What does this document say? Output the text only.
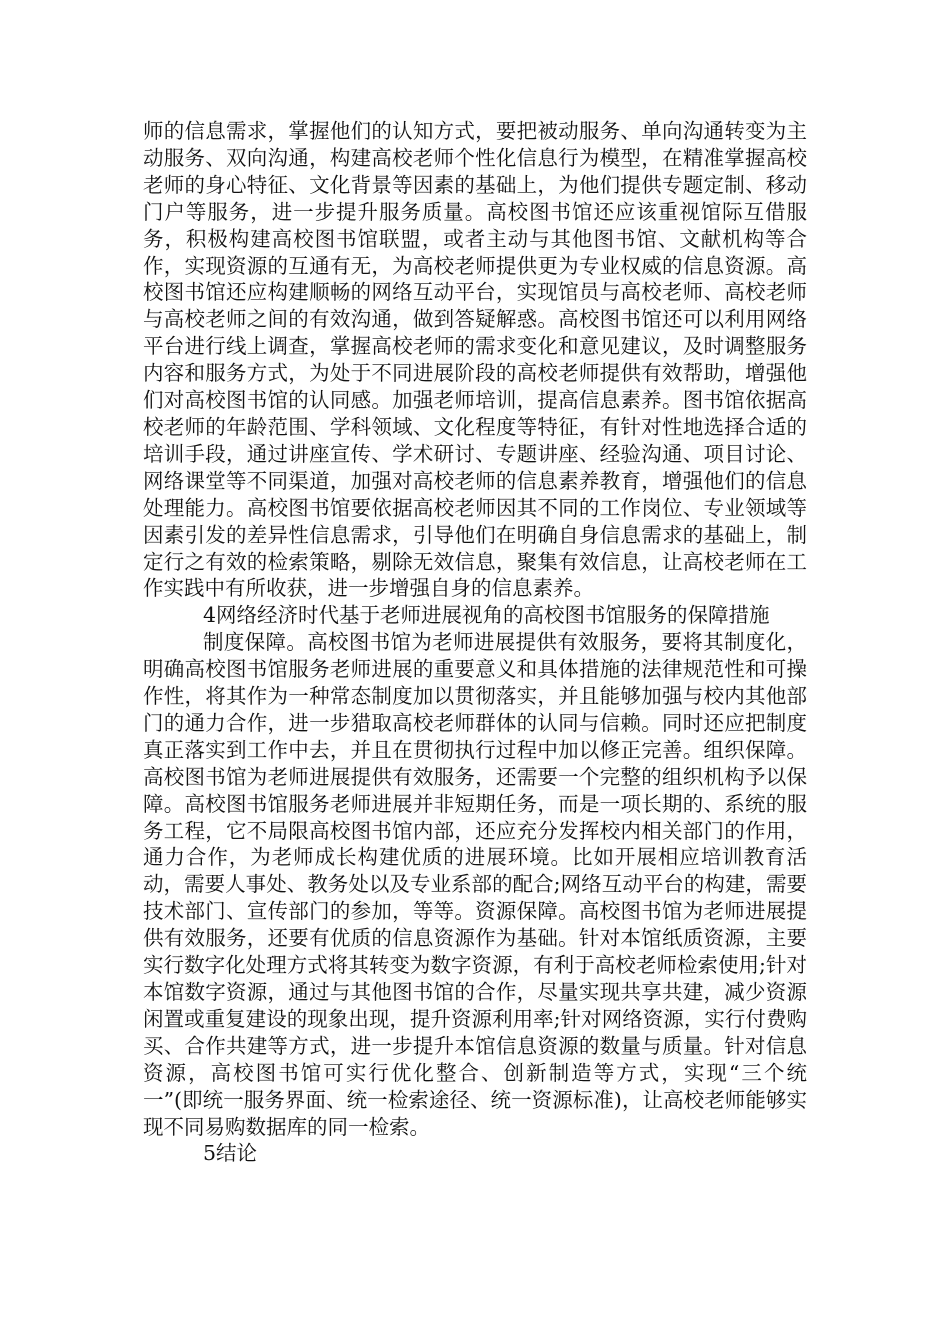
师的信息需求，掌握他们的认知方式，要把被动服务、单向沟通转变为主动服务、双向沟通，构建高校老师个性化信息行为模型，在精准掌握高校老师的身心特征、文化背景等因素的基础上，为他们提供专题定制、移动门户等服务，进一步提升服务质量。高校图书馆还应该重视馆际互借服务，积极构建高校图书馆联盟，或者主动与其他图书馆、文献机构等合作，实现资源的互通有无，为高校老师提供更为专业权威的信息资源。高校图书馆还应构建顺畅的网络互动平台，实现馆员与高校老师、高校老师与高校老师之间的有效沟通，做到答疑解惑。高校图书馆还可以利用网络平台进行线上调查，掌握高校老师的需求变化和意见建议，及时调整服务内容和服务方式，为处于不同进展阶段的高校老师提供有效帮助，增强他们对高校图书馆的认同感。加强老师培训，提高信息素养。图书馆依据高校老师的年龄范围、学科领域、文化程度等特征，有针对性地选择合适的培训手段，通过讲座宣传、学术研讨、专题讲座、经验沟通、项目讨论、网络课堂等不同渠道，加强对高校老师的信息素养教育，增强他们的信息处理能力。高校图书馆要依据高校老师因其不同的工作岗位、专业领域等因素引发的差异性信息需求，引导他们在明确自身信息需求的基础上，制定行之有效的检索策略，剔除无效信息，聚集有效信息，让高校老师在工作实践中有所收获，进一步增强自身的信息素养。

4网络经济时代基于老师进展视角的高校图书馆服务的保障措施

制度保障。高校图书馆为老师进展提供有效服务，要将其制度化，明确高校图书馆服务老师进展的重要意义和具体措施的法律规范性和可操作性，将其作为一种常态制度加以贯彻落实，并且能够加强与校内其他部门的通力合作，进一步猎取高校老师群体的认同与信赖。同时还应把制度真正落实到工作中去，并且在贯彻执行过程中加以修正完善。组织保障。高校图书馆为老师进展提供有效服务，还需要一个完整的组织机构予以保障。高校图书馆服务老师进展并非短期任务，而是一项长期的、系统的服务工程，它不局限高校图书馆内部，还应充分发挥校内相关部门的作用，通力合作，为老师成长构建优质的进展环境。比如开展相应培训教育活动，需要人事处、教务处以及专业系部的配合;网络互动平台的构建，需要技术部门、宣传部门的参加，等等。资源保障。高校图书馆为老师进展提供有效服务，还要有优质的信息资源作为基础。针对本馆纸质资源，主要实行数字化处理方式将其转变为数字资源，有利于高校老师检索使用;针对本馆数字资源，通过与其他图书馆的合作，尽量实现共享共建，减少资源闲置或重复建设的现象出现，提升资源利用率;针对网络资源，实行付费购买、合作共建等方式，进一步提升本馆信息资源的数量与质量。针对信息资源，高校图书馆可实行优化整合、创新制造等方式，实现“三个统一”(即统一服务界面、统一检索途径、统一资源标准)，让高校老师能够实现不同易购数据库的同一检索。

5结论
